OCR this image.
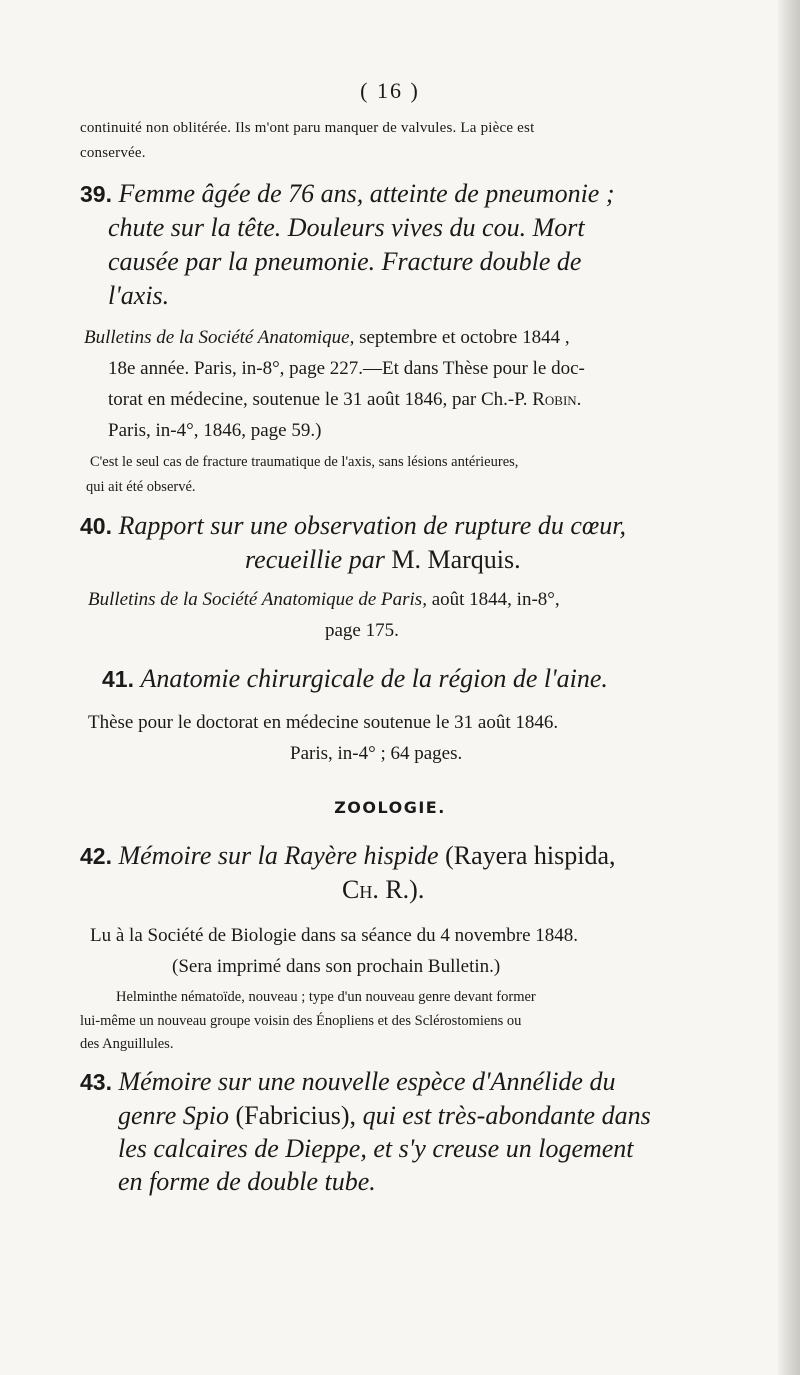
( 16 )
continuité non oblitérée. Ils m'ont paru manquer de valvules. La pièce est
conservée.
39. Femme âgée de 76 ans, atteinte de pneumonie ;
chute sur la tête. Douleurs vives du cou. Mort
causée par la pneumonie. Fracture double de
l'axis.
Bulletins de la Société Anatomique, septembre et octobre 1844 ,
18e année. Paris, in-8°, page 227.—Et dans Thèse pour le doc-
torat en médecine, soutenue le 31 août 1846, par Ch.-P. Robin.
Paris, in-4°, 1846, page 59.)
C'est le seul cas de fracture traumatique de l'axis, sans lésions antérieures,
qui ait été observé.
40. Rapport sur une observation de rupture du cœur,
recueillie par M. Marquis.
Bulletins de la Société Anatomique de Paris, août 1844, in-8°,
page 175.
41. Anatomie chirurgicale de la région de l'aine.
Thèse pour le doctorat en médecine soutenue le 31 août 1846.
Paris, in-4° ; 64 pages.
ZOOLOGIE.
42. Mémoire sur la Rayère hispide (Rayera hispida,
Ch. R.).
Lu à la Société de Biologie dans sa séance du 4 novembre 1848.
(Sera imprimé dans son prochain Bulletin.)
Helminthe nématoïde, nouveau ; type d'un nouveau genre devant former
lui-même un nouveau groupe voisin des Énopliens et des Sclérostomiens ou
des Anguillules.
43. Mémoire sur une nouvelle espèce d'Annélide du
genre Spio (Fabricius), qui est très-abondante dans
les calcaires de Dieppe, et s'y creuse un logement
en forme de double tube.
